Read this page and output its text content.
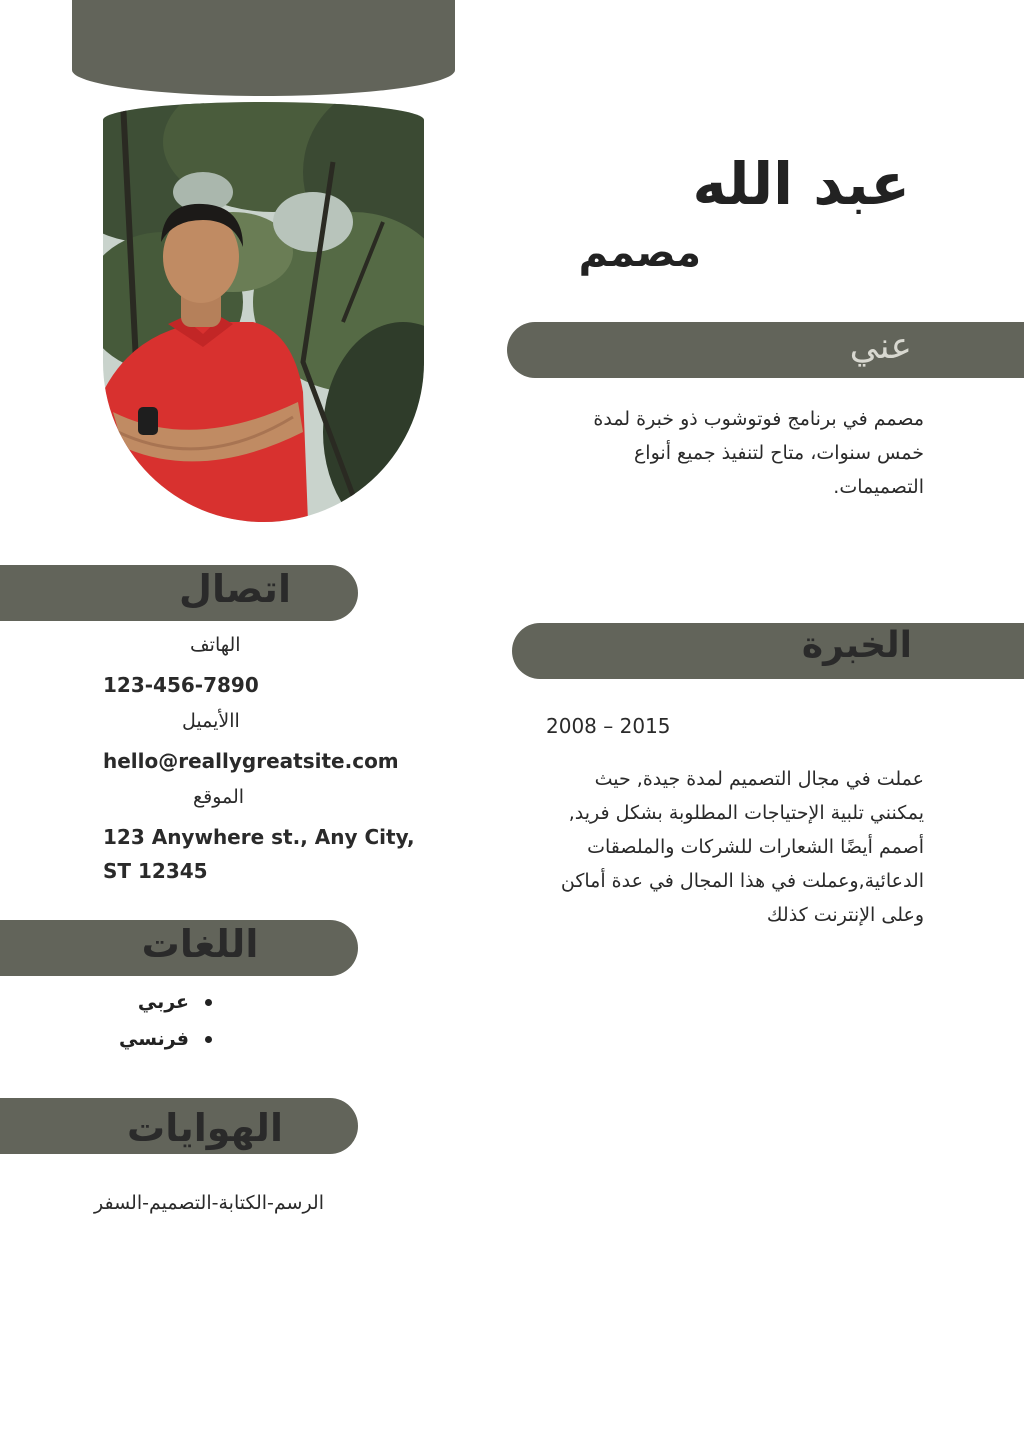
عبد الله
مصمم
عني
مصمم في برنامج فوتوشوب ذو خبرة لمدة خمس سنوات، متاح لتنفيذ جميع أنواع التصميمات.
الخبرة
2008 – 2015
عملت في مجال التصميم لمدة جيدة, حيث يمكنني تلبية الإحتياجات المطلوبة بشكل فريد, أصمم أيضًا الشعارات للشركات والملصقات الدعائية,وعملت في هذا المجال في عدة أماكن وعلى الإنترنت كذلك
اتصال
الهاتف
123-456-7890
االأيميل
hello@reallygreatsite.com
الموقع
123 Anywhere st., Any City,
ST 12345
اللغات
عربي
فرنسي
الهوايات
الرسم-الكتابة-التصميم-السفر
